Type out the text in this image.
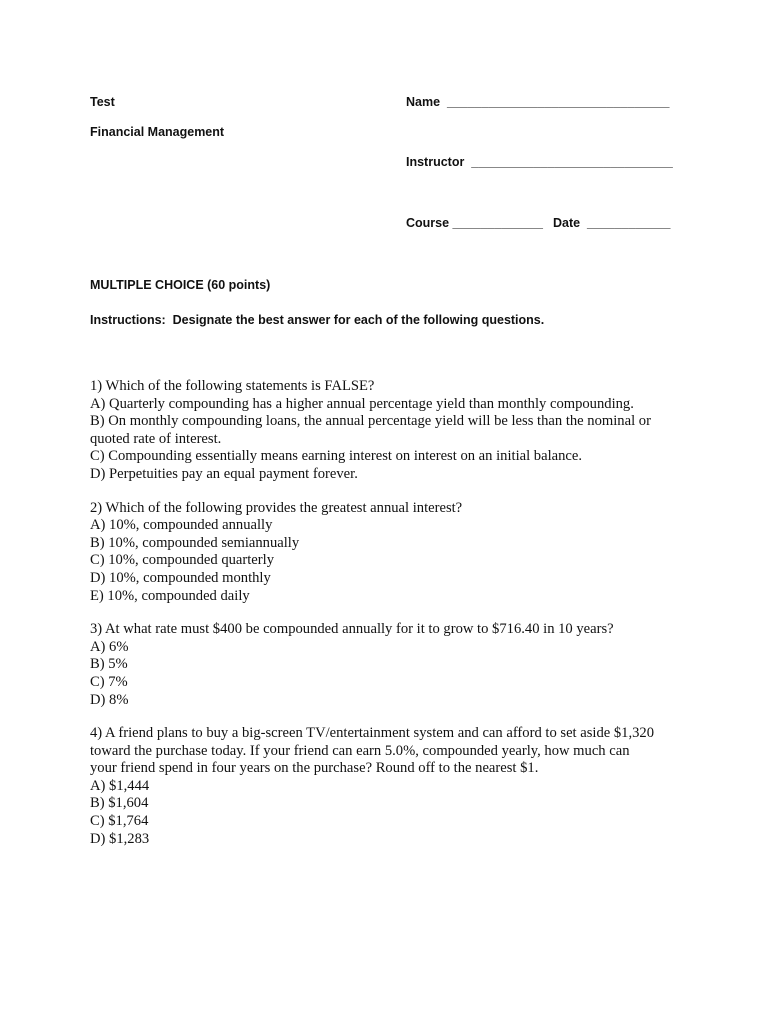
Test
Financial Management
Name  ________________________________
Instructor  _____________________________
Course _____________ Date  ____________
MULTIPLE CHOICE (60 points)
Instructions:  Designate the best answer for each of the following questions.

1) Which of the following statements is FALSE?

A) Quarterly compounding has a higher annual percentage yield than monthly compounding.

B) On monthly compounding loans, the annual percentage yield will be less than the nominal or

quoted rate of interest.

C) Compounding essentially means earning interest on interest on an initial balance.

D) Perpetuities pay an equal payment forever.

2) Which of the following provides the greatest annual interest?

A) 10%, compounded annually

B) 10%, compounded semiannually

C) 10%, compounded quarterly

D) 10%, compounded monthly

E) 10%, compounded daily

3) At what rate must $400 be compounded annually for it to grow to $716.40 in 10 years?

A) 6%

B) 5%

C) 7%

D) 8%

4) A friend plans to buy a big-screen TV/entertainment system and can afford to set aside $1,320

toward the purchase today. If your friend can earn 5.0%, compounded yearly, how much can

your friend spend in four years on the purchase? Round off to the nearest $1.

A) $1,444

B) $1,604

C) $1,764

D) $1,283
